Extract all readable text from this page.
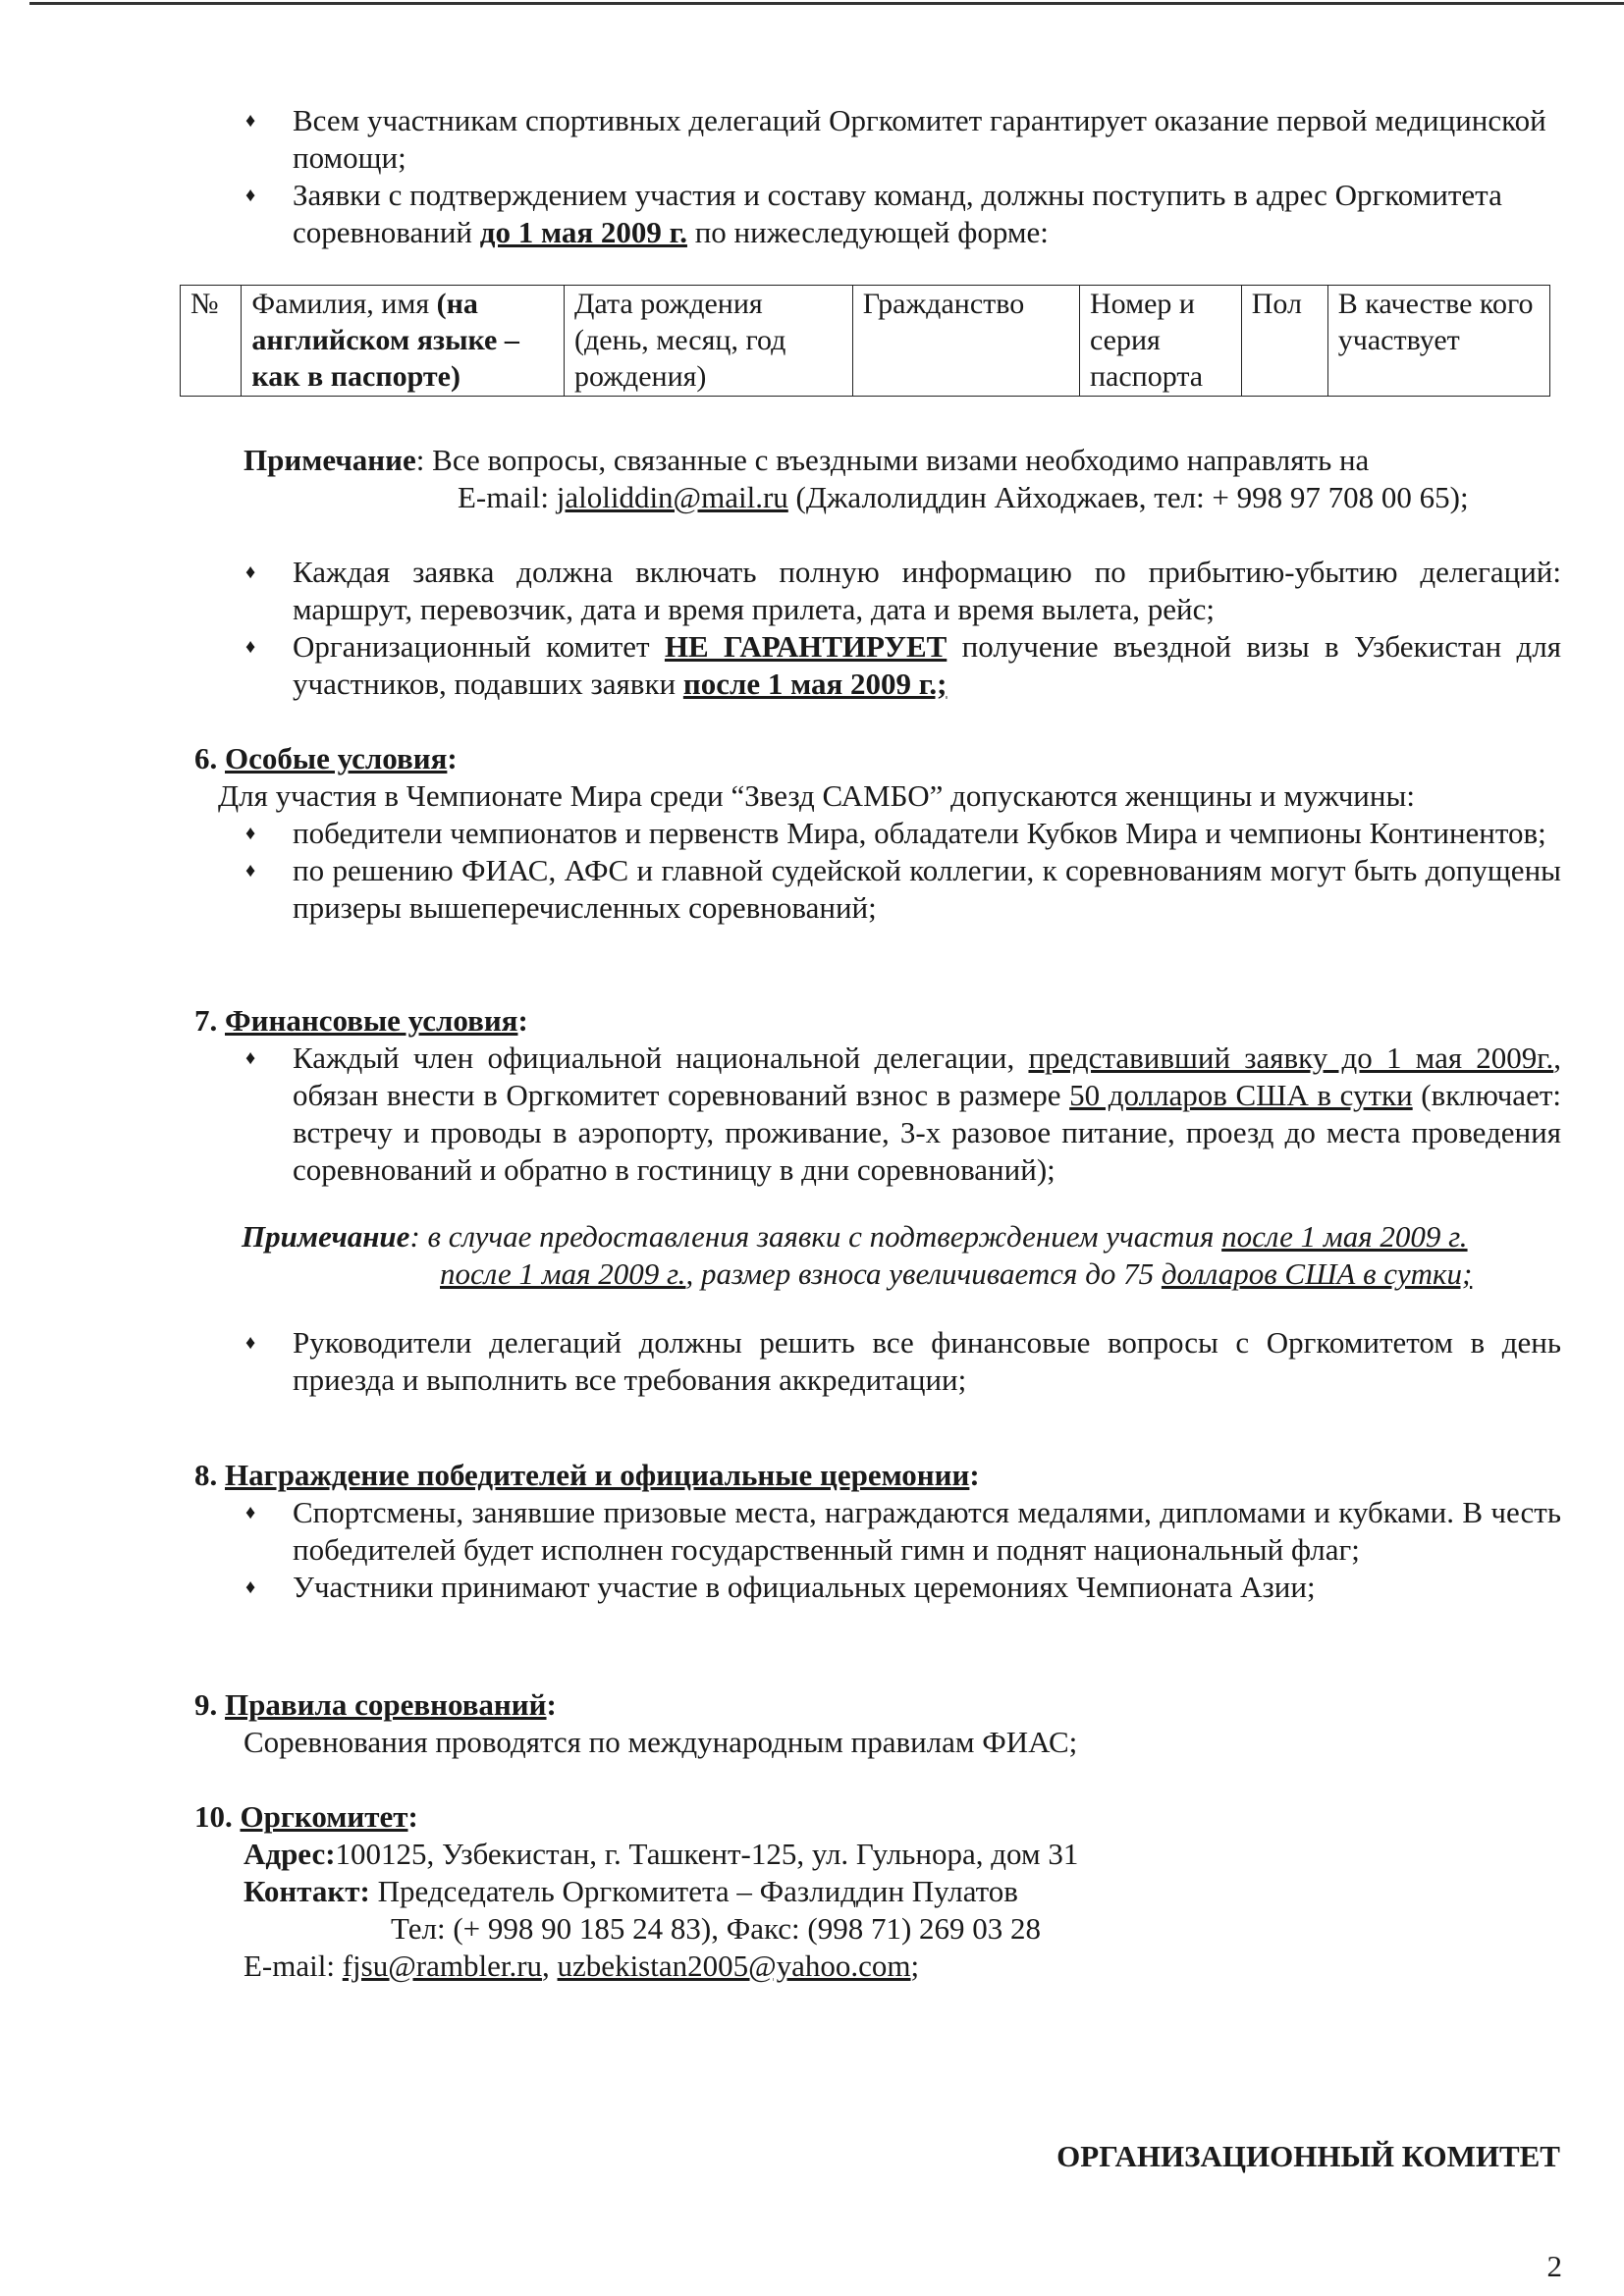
♦ Всем участникам спортивных делегаций Оргкомитет гарантирует оказание первой медицинской помощи;
♦ Заявки с подтверждением участия и составу команд, должны поступить в адрес Оргкомитета соревнований до 1 мая 2009 г. по нижеследующей форме:
№	Фамилия, имя (на английском языке – как в паспорте)	Дата рождения (день, месяц, год рождения)	Гражданство	Номер и серия паспорта	Пол	В качестве кого участвует
Примечание: Все вопросы, связанные с въездными визами необходимо направлять на
E-mail: jaloliddin@mail.ru (Джалолиддин Айходжаев, тел: + 998 97 708 00 65);
♦ Каждая заявка должна включать полную информацию по прибытию-убытию делегаций: маршрут, перевозчик, дата и время прилета, дата и время вылета, рейс;
♦ Организационный комитет НЕ ГАРАНТИРУЕТ получение въездной визы в Узбекистан для участников, подавших заявки после 1 мая 2009 г.;
6. Особые условия:
Для участия в Чемпионате Мира среди “Звезд САМБО” допускаются женщины и мужчины:
♦ победители чемпионатов и первенств Мира, обладатели Кубков Мира и чемпионы Континентов;
♦ по решению ФИАС, АФС и главной судейской коллегии, к соревнованиям могут быть допущены призеры вышеперечисленных соревнований;
7. Финансовые условия:
♦ Каждый член официальной национальной делегации, представивший заявку до 1 мая 2009г., обязан внести в Оргкомитет соревнований взнос в размере 50 долларов США в сутки (включает: встречу и проводы в аэропорту, проживание, 3-х разовое питание, проезд до места проведения соревнований и обратно в гостиницу в дни соревнований);
Примечание: в случае предоставления заявки с подтверждением участия после 1 мая 2009 г.
после 1 мая 2009 г., размер взноса увеличивается до 75 долларов США в сутки;
♦ Руководители делегаций должны решить все финансовые вопросы с Оргкомитетом в день приезда и выполнить все требования аккредитации;
8. Награждение победителей и официальные церемонии:
♦ Спортсмены, занявшие призовые места, награждаются медалями, дипломами и кубками. В честь победителей будет исполнен государственный гимн и поднят национальный флаг;
♦ Участники принимают участие в официальных церемониях Чемпионата Азии;
9. Правила соревнований:
Соревнования проводятся по международным правилам ФИАС;
10. Оргкомитет:
Адрес:100125, Узбекистан, г. Ташкент-125, ул. Гульнора, дом 31
Контакт: Председатель Оргкомитета – Фазлиддин Пулатов
Тел: (+ 998 90 185 24 83), Факс: (998 71) 269 03 28
E-mail: fjsu@rambler.ru, uzbekistan2005@yahoo.com;
ОРГАНИЗАЦИОННЫЙ КОМИТЕТ
2
